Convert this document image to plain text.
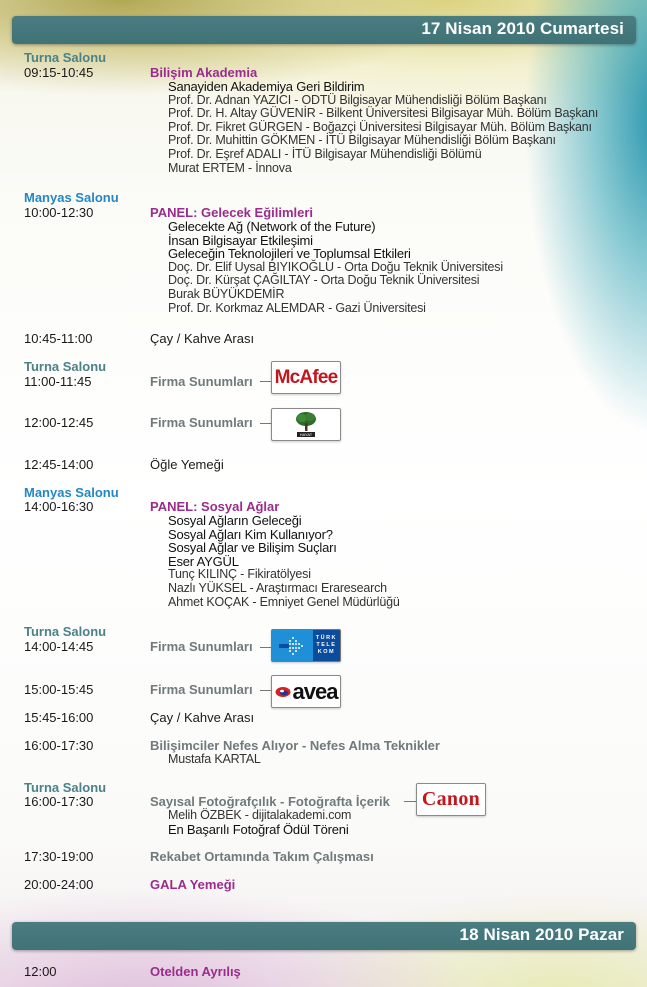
17 Nisan 2010 Cumartesi
Turna Salonu
09:15-10:45	Bilişim Akademia
Sanayiden Akademiya Geri Bildirim
Prof. Dr. Adnan YAZICI - ODTÜ Bilgisayar Mühendisliği Bölüm Başkanı
Prof. Dr. H. Altay GÜVENİR - Bilkent Üniversitesi Bilgisayar Müh. Bölüm Başkanı
Prof. Dr. Fikret GÜRGEN - Boğazçi Üniversitesi Bilgisayar Müh. Bölüm Başkanı
Prof. Dr. Muhittin GÖKMEN - İTÜ Bilgisayar Mühendisliği Bölüm Başkanı
Prof. Dr. Eşref ADALI - İTÜ Bilgisayar Mühendisliği Bölümü
Murat ERTEM - İnnova
Manyas Salonu
10:00-12:30	PANEL: Gelecek Eğilimleri
Gelecekte Ağ (Network of the Future)
İnsan Bilgisayar Etkileşimi
Geleceğin Teknolojileri ve Toplumsal Etkileri
Doç. Dr. Elif Uysal BIYIKOĞLU - Orta Doğu Teknik Üniversitesi
Doç. Dr. Kürşat ÇAĞILTAY - Orta Doğu Teknik Üniversitesi
Burak BÜYÜKDEMİR
Prof. Dr. Korkmaz ALEMDAR - Gazi Üniversitesi
10:45-11:00	Çay / Kahve Arası
Turna Salonu
11:00-11:45	Firma Sunumları McAfee
12:00-12:45	Firma Sunumları
HAYAT
12:45-14:00	Öğle Yemeği
Manyas Salonu
14:00-16:30	PANEL: Sosyal Ağlar
Sosyal Ağların Geleceği
Sosyal Ağları Kim Kullanıyor?
Sosyal Ağlar ve Bilişim Suçları
Eser AYGÜL
Tunç KILINÇ - Fikiratölyesi
Nazlı YÜKSEL - Araştırmacı Eraresearch
Ahmet KOÇAK - Emniyet Genel Müdürlüğü
Turna Salonu
14:00-14:45	Firma Sunumları
TÜRK
TELE
KOM
15:00-15:45	Firma Sunumları avea
15:45-16:00	Çay / Kahve Arası
16:00-17:30	Bilişimciler Nefes Alıyor - Nefes Alma Teknikler
Mustafa KARTAL
Turna Salonu
16:00-17:30	Sayısal Fotoğrafçılık - Fotoğrafta İçerik Canon
Melih ÖZBEK - dijitalakademi.com
En Başarılı Fotoğraf Ödül Töreni
17:30-19:00	Rekabet Ortamında Takım Çalışması
20:00-24:00	GALA Yemeği
18 Nisan 2010 Pazar
12:00	Otelden Ayrılış
